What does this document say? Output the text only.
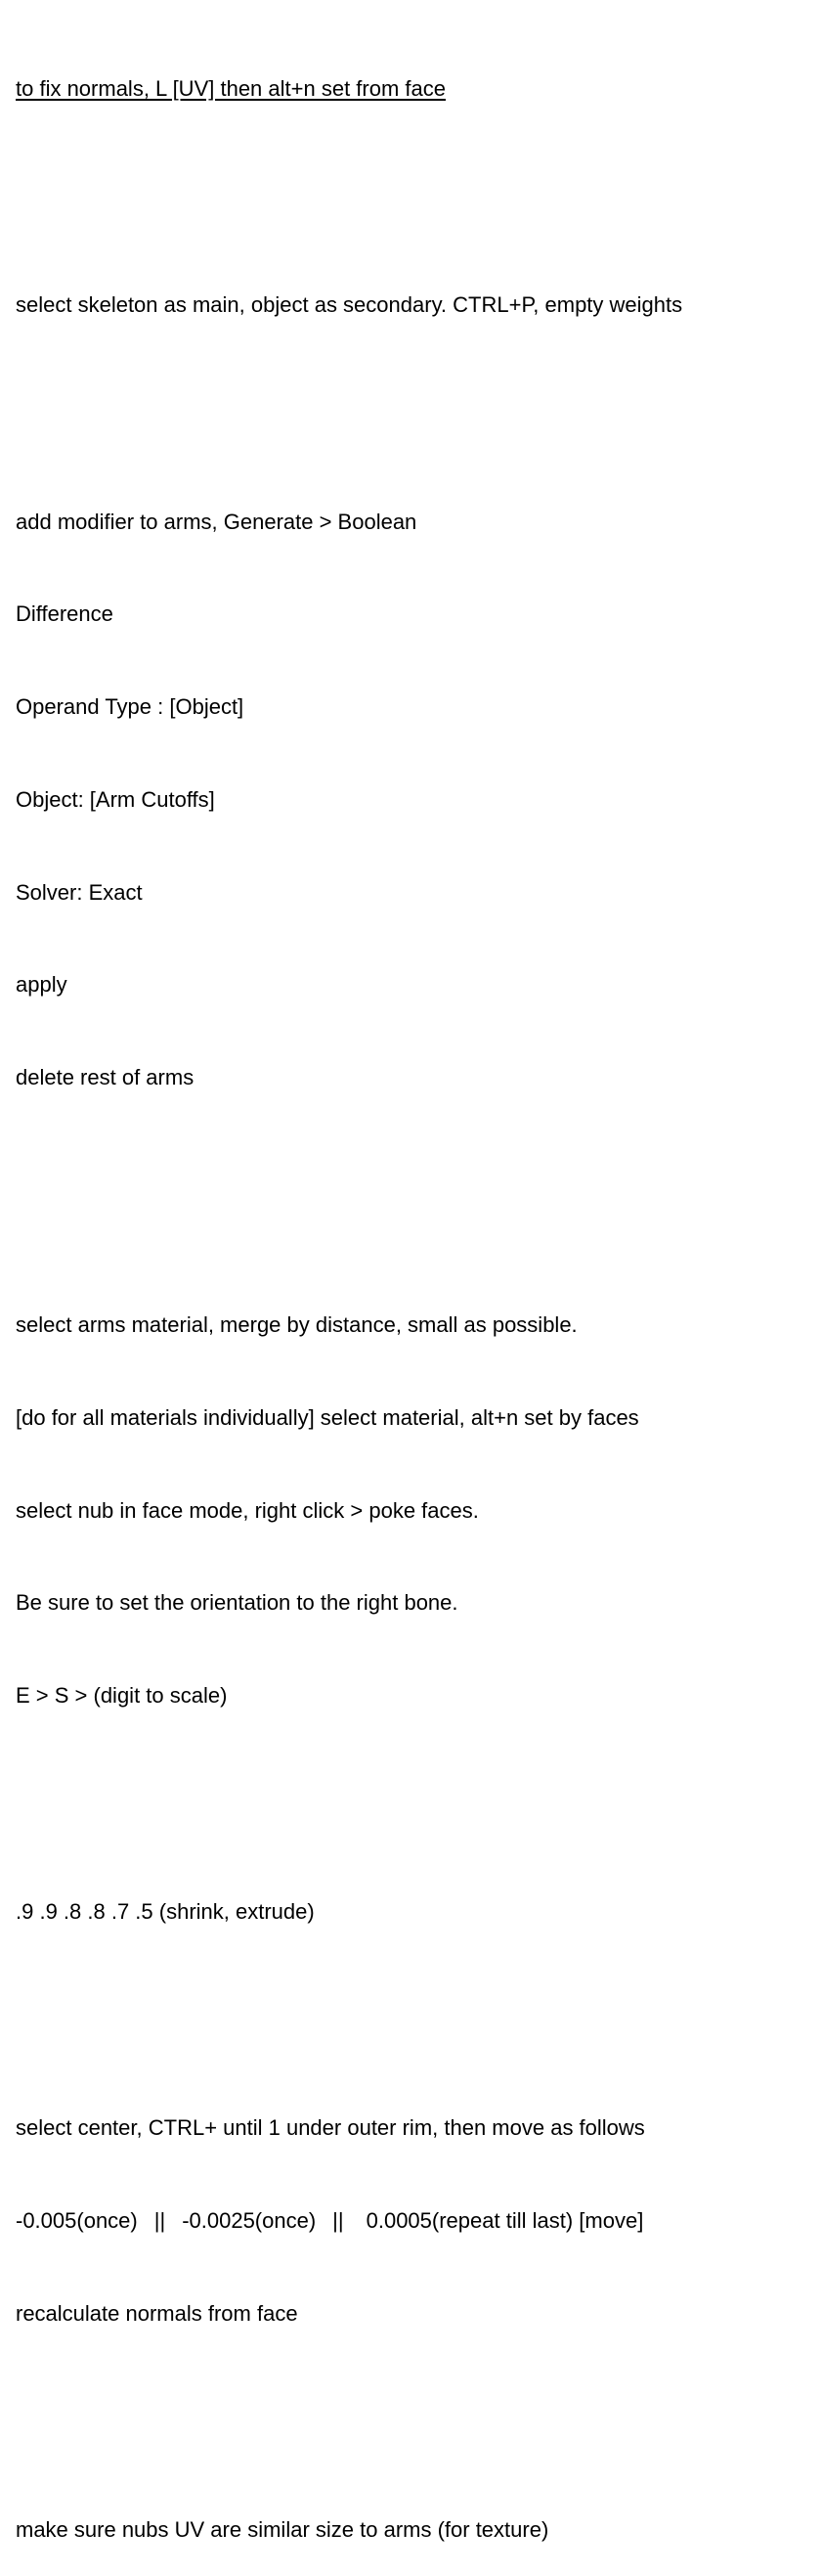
to fix normals, L [UV] then alt+n set from face

select skeleton as main, object as secondary. CTRL+P, empty weights

add modifier to arms, Generate > Boolean

Difference

Operand Type : [Object]

Object: [Arm Cutoffs]

Solver: Exact

apply

delete rest of arms

select arms material, merge by distance, small as possible.

[do for all materials individually] select material, alt+n set by faces

select nub in face mode, right click > poke faces.

Be sure to set the orientation to the right bone.

E > S > (digit to scale)

.9 .9 .8 .8 .7 .5 (shrink, extrude)

select center, CTRL+ until 1 under outer rim, then move as follows

-0.005(once) || -0.0025(once) || 0.0005(repeat till last) [move]

recalculate normals from face

make sure nubs UV are similar size to arms (for texture)
